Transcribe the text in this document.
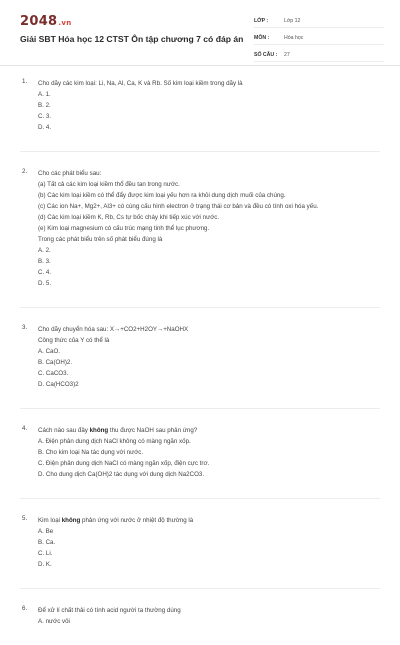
2048.vn
Giải SBT Hóa học 12 CTST Ôn tập chương 7 có đáp án
LỚP :	Lớp 12
MÔN :	Hóa học
SỐ CÂU :	27
1. Cho dãy các kim loại: Li, Na, Al, Ca, K và Rb. Số kim loại kiềm trong dãy là
A. 1.
B. 2.
C. 3.
D. 4.
2. Cho các phát biểu sau:
(a) Tất cả các kim loại kiềm thổ đều tan trong nước.
(b) Các kim loại kiềm có thể đẩy được kim loại yếu hơn ra khỏi dung dịch muối của chúng.
(c) Các ion Na+, Mg2+, Al3+ có cùng cấu hình electron ở trạng thái cơ bản và đều có tính oxi hóa yếu.
(d) Các kim loại kiềm K, Rb, Cs tự bốc cháy khi tiếp xúc với nước.
(e) Kim loại magnesium có cấu trúc mạng tinh thể lục phương.
Trong các phát biểu trên số phát biểu đúng là
A. 2.
B. 3.
C. 4.
D. 5.
3. Cho dãy chuyển hóa sau: X→+CO2+H2OY→+NaOHX
Công thức của Y có thể là
A. CaO.
B. Ca(OH)2.
C. CaCO3.
D. Ca(HCO3)2
4. Cách nào sau đây không thu được NaOH sau phản ứng?
A. Điện phân dung dịch NaCl không có màng ngăn xốp.
B. Cho kim loại Na tác dụng với nước.
C. Điện phân dung dịch NaCl có màng ngăn xốp, điện cực trơ.
D. Cho dung dịch Ca(OH)2 tác dụng với dung dịch Na2CO3.
5. Kim loại không phản ứng với nước ở nhiệt độ thường là
A. Be
B. Ca.
C. Li.
D. K.
6. Để xử lí chất thải có tính acid người ta thường dùng
A. nước vôi
